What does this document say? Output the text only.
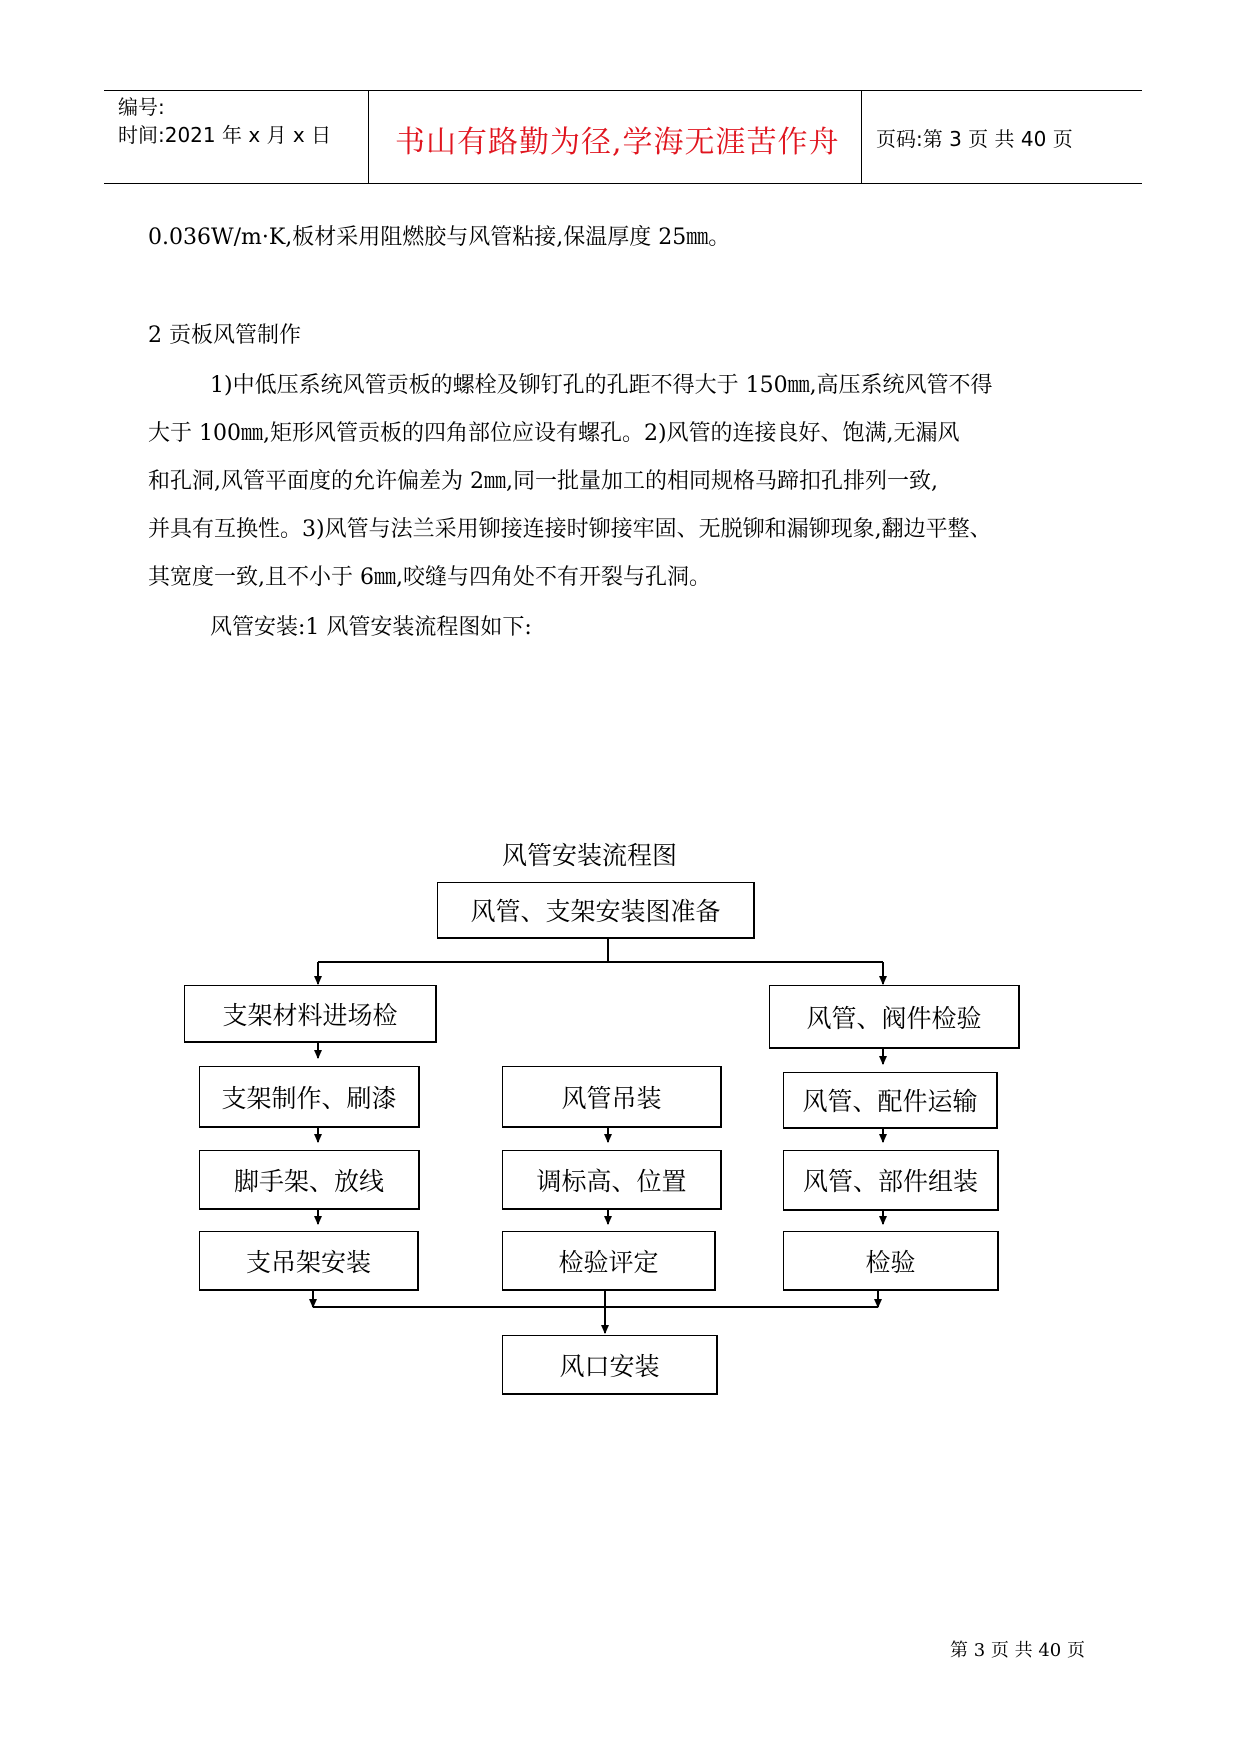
编号:
时间:2021 年 x 月 x 日 书山有路勤为径,学海无涯苦作舟 页码:第 3 页 共 40 页
0.036W/m·K,板材采用阻燃胶与风管粘接,保温厚度 25㎜。
2 贡板风管制作
1)中低压系统风管贡板的螺栓及铆钉孔的孔距不得大于 150㎜,高压系统风管不得
大于 100㎜,矩形风管贡板的四角部位应设有螺孔。2)风管的连接良好、饱满,无漏风
和孔洞,风管平面度的允许偏差为 2㎜,同一批量加工的相同规格马蹄扣孔排列一致,
并具有互换性。3)风管与法兰采用铆接连接时铆接牢固、无脱铆和漏铆现象,翻边平整、
其宽度一致,且不小于 6㎜,咬缝与四角处不有开裂与孔洞。
风管安装:1 风管安装流程图如下:
风管安装流程图
风管、支架安装图准备
支架材料进场检
支架制作、刷漆
脚手架、放线
支吊架安装
风管吊装
调标高、位置
检验评定
风管、阀件检验
风管、配件运输
风管、部件组装
检验
风口安装
第 3 页 共 40 页
